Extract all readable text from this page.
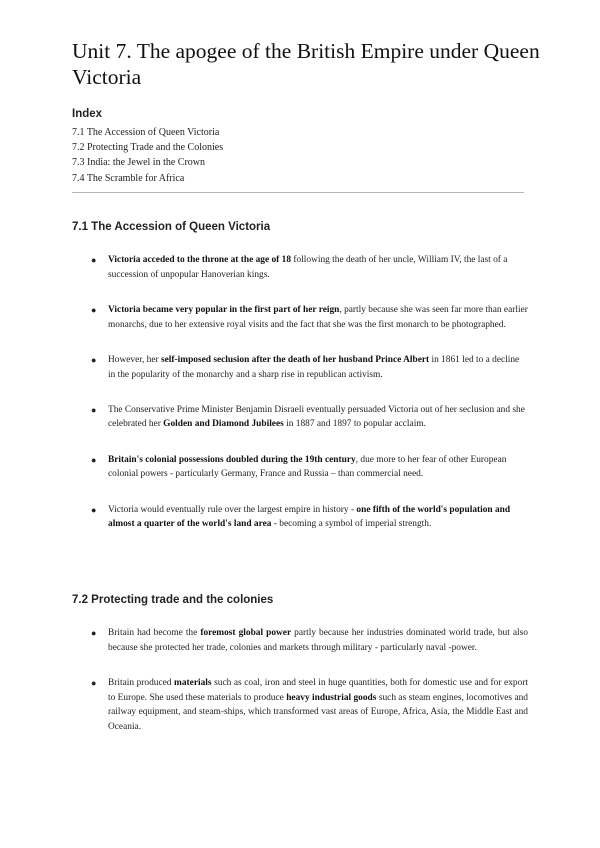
Unit 7. The apogee of the British Empire under Queen Victoria
Index
7.1 The Accession of Queen Victoria
7.2 Protecting Trade and the Colonies
7.3 India: the Jewel in the Crown
7.4 The Scramble for Africa
7.1 The Accession of Queen Victoria
● Victoria acceded to the throne at the age of 18 following the death of her uncle, William IV, the last of a succession of unpopular Hanoverian kings.
● Victoria became very popular in the first part of her reign, partly because she was seen far more than earlier monarchs, due to her extensive royal visits and the fact that she was the first monarch to be photographed.
● However, her self-imposed seclusion after the death of her husband Prince Albert in 1861 led to a decline in the popularity of the monarchy and a sharp rise in republican activism.
● The Conservative Prime Minister Benjamin Disraeli eventually persuaded Victoria out of her seclusion and she celebrated her Golden and Diamond Jubilees in 1887 and 1897 to popular acclaim.
● Britain's colonial possessions doubled during the 19th century, due more to her fear of other European colonial powers - particularly Germany, France and Russia – than commercial need.
● Victoria would eventually rule over the largest empire in history - one fifth of the world's population and almost a quarter of the world's land area - becoming a symbol of imperial strength.
7.2 Protecting trade and the colonies
● Britain had become the foremost global power partly because her industries dominated world trade, but also because she protected her trade, colonies and markets through military - particularly naval -power.
● Britain produced materials such as coal, iron and steel in huge quantities, both for domestic use and for export to Europe. She used these materials to produce heavy industrial goods such as steam engines, locomotives and railway equipment, and steam-ships, which transformed vast areas of Europe, Africa, Asia, the Middle East and Oceania.
